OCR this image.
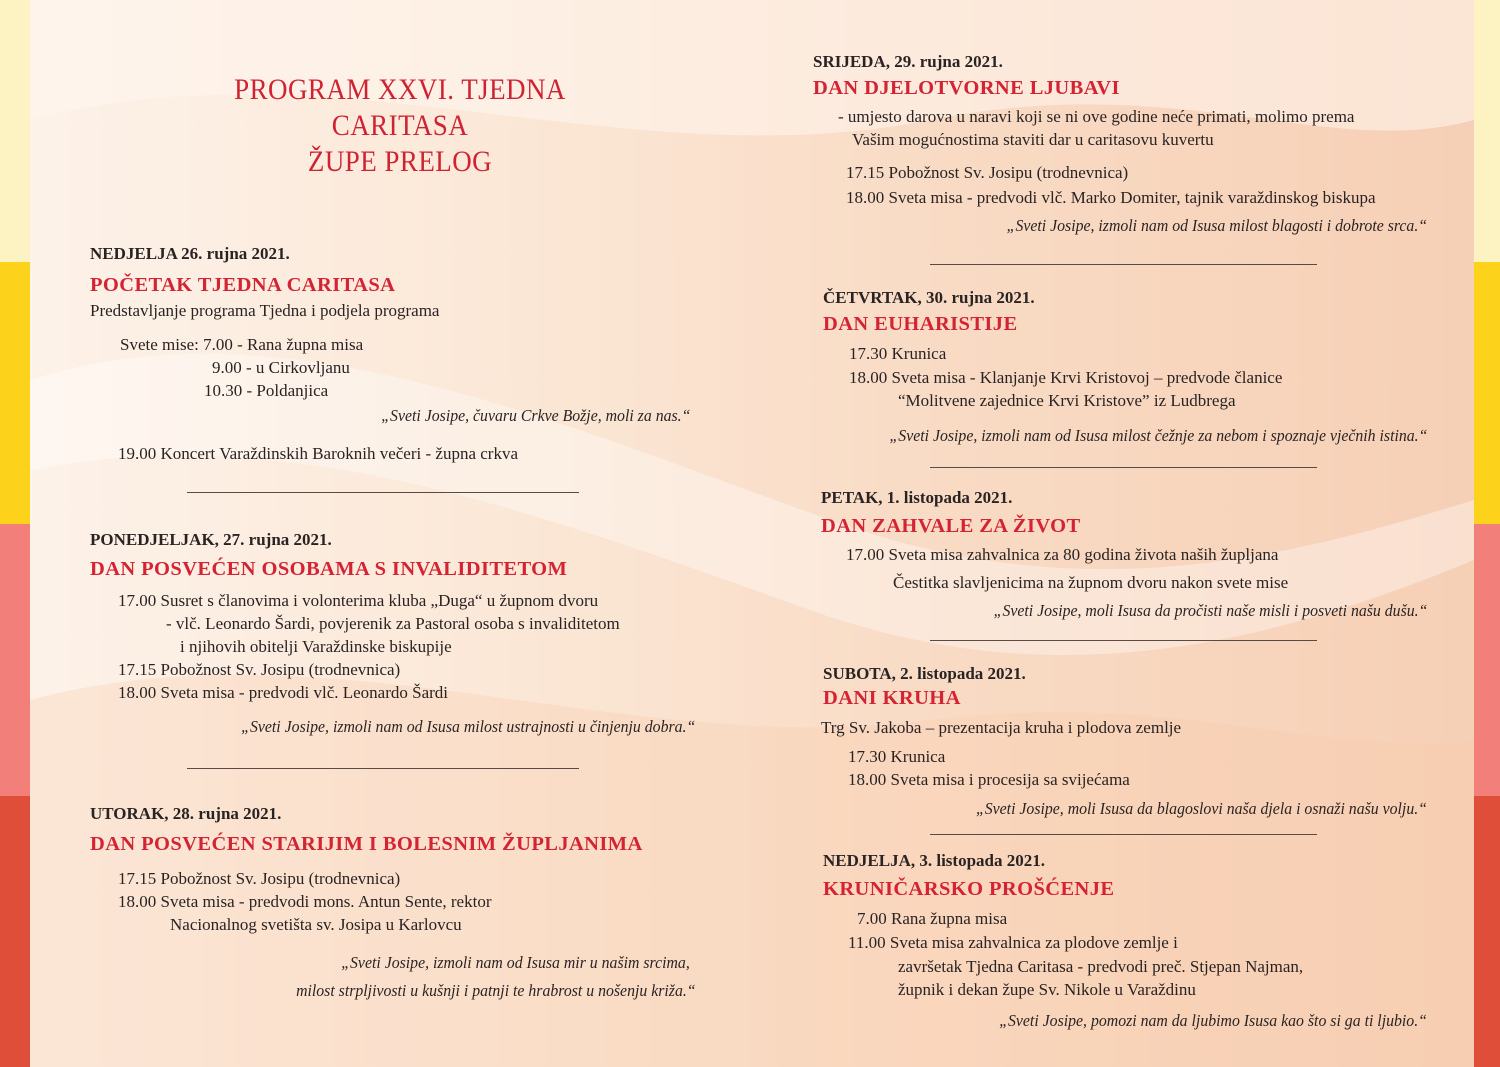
PROGRAM XXVI. TJEDNA CARITASA
ŽUPE PRELOG
NEDJELJA 26. rujna 2021.
POČETAK TJEDNA CARITASA
Predstavljanje programa Tjedna i podjela programa
Svete mise: 7.00 - Rana župna misa
9.00 - u Cirkovljanu
10.30 - Poldanjica
„Sveti Josipe, čuvaru Crkve Božje, moli za nas.“
19.00 Koncert Varaždinskih Baroknih večeri - župna crkva
PONEDJELJAK, 27. rujna 2021.
DAN POSVEĆEN OSOBAMA S INVALIDITETOM
17.00 Susret s članovima i volonterima kluba „Duga“ u župnom dvoru
- vlč. Leonardo Šardi, povjerenik za Pastoral osoba s invaliditetom
i njihovih obitelji Varaždinske biskupije
17.15 Pobožnost Sv. Josipu (trodnevnica)
18.00 Sveta misa - predvodi vlč. Leonardo Šardi
„Sveti Josipe, izmoli nam od Isusa milost ustrajnosti u činjenju dobra.“
UTORAK, 28. rujna 2021.
DAN POSVEĆEN STARIJIM I BOLESNIM ŽUPLJANIMA
17.15 Pobožnost Sv. Josipu (trodnevnica)
18.00 Sveta misa - predvodi mons. Antun Sente, rektor
Nacionalnog svetišta sv. Josipa u Karlovcu
„Sveti Josipe, izmoli nam od Isusa mir u našim srcima,
milost strpljivosti u kušnji i patnji te hrabrost u nošenju križa.“
SRIJEDA, 29. rujna 2021.
DAN DJELOTVORNE LJUBAVI
- umjesto darova u naravi koji se ni ove godine neće primati, molimo prema
Vašim mogućnostima staviti dar u caritasovu kuvertu
17.15 Pobožnost Sv. Josipu (trodnevnica)
18.00 Sveta misa - predvodi vlč. Marko Domiter, tajnik varaždinskog biskupa
„Sveti Josipe, izmoli nam od Isusa milost blagosti i dobrote srca.“
ČETVRTAK, 30. rujna 2021.
DAN EUHARISTIJE
17.30 Krunica
18.00 Sveta misa - Klanjanje Krvi Kristovoj – predvode članice
“Molitvene zajednice Krvi Kristove” iz Ludbrega
„Sveti Josipe, izmoli nam od Isusa milost čežnje za nebom i spoznaje vječnih istina.“
PETAK, 1. listopada 2021.
DAN ZAHVALE ZA ŽIVOT
17.00 Sveta misa zahvalnica za 80 godina života naših župljana
Čestitka slavljenicima na župnom dvoru nakon svete mise
„Sveti Josipe, moli Isusa da pročisti naše misli i posveti našu dušu.“
SUBOTA, 2. listopada 2021.
DANI KRUHA
Trg Sv. Jakoba – prezentacija kruha i plodova zemlje
17.30 Krunica
18.00 Sveta misa i procesija sa svijećama
„Sveti Josipe, moli Isusa da blagoslovi naša djela i osnaži našu volju.“
NEDJELJA, 3. listopada 2021.
KRUNIČARSKO PROŠĆENJE
7.00 Rana župna misa
11.00 Sveta misa zahvalnica za plodove zemlje i
završetak Tjedna Caritasa - predvodi preč. Stjepan Najman,
župnik i dekan župe Sv. Nikole u Varaždinu
„Sveti Josipe, pomozi nam da ljubimo Isusa kao što si ga ti ljubio.“
